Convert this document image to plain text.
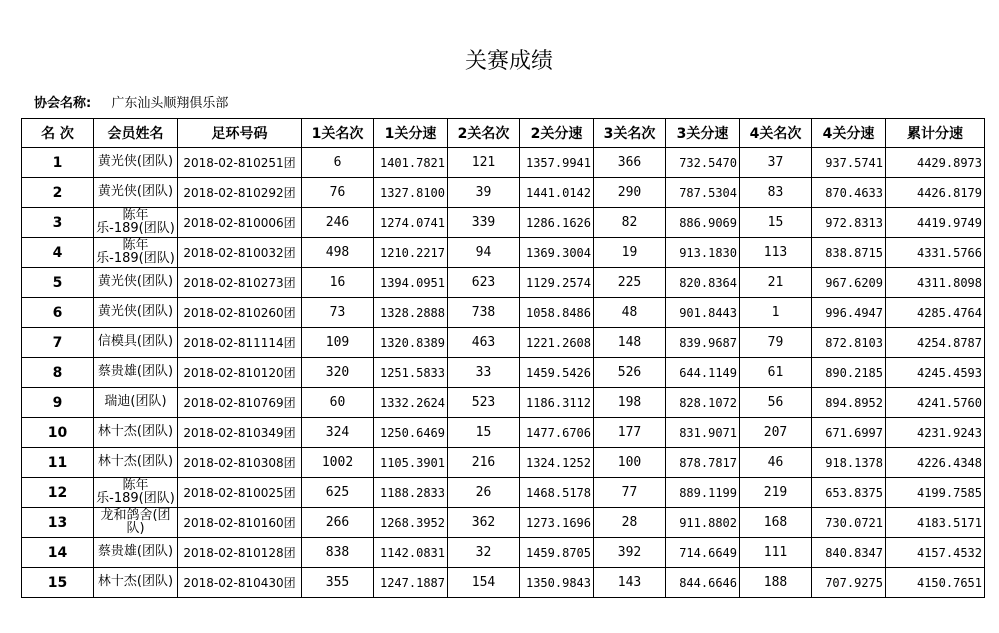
关赛成绩
协会名称: 广东汕头顺翔俱乐部
名 次	会员姓名	足环号码	1关名次	1关分速	2关名次	2关分速	3关名次	3关分速	4关名次	4关分速	累计分速
1	黄光侠(团队)	2018-02-810251团	6	1401.7821	121	1357.9941	366	732.5470	37	937.5741	4429.8973
2	黄光侠(团队)	2018-02-810292团	76	1327.8100	39	1441.0142	290	787.5304	83	870.4633	4426.8179
3	陈年乐-189(团队)	2018-02-810006团	246	1274.0741	339	1286.1626	82	886.9069	15	972.8313	4419.9749
4	陈年乐-189(团队)	2018-02-810032团	498	1210.2217	94	1369.3004	19	913.1830	113	838.8715	4331.5766
5	黄光侠(团队)	2018-02-810273团	16	1394.0951	623	1129.2574	225	820.8364	21	967.6209	4311.8098
6	黄光侠(团队)	2018-02-810260团	73	1328.2888	738	1058.8486	48	901.8443	1	996.4947	4285.4764
7	信模具(团队)	2018-02-811114团	109	1320.8389	463	1221.2608	148	839.9687	79	872.8103	4254.8787
8	蔡贵雄(团队)	2018-02-810120团	320	1251.5833	33	1459.5426	526	644.1149	61	890.2185	4245.4593
9	瑞迪(团队)	2018-02-810769团	60	1332.2624	523	1186.3112	198	828.1072	56	894.8952	4241.5760
10	林十杰(团队)	2018-02-810349团	324	1250.6469	15	1477.6706	177	831.9071	207	671.6997	4231.9243
11	林十杰(团队)	2018-02-810308团	1002	1105.3901	216	1324.1252	100	878.7817	46	918.1378	4226.4348
12	陈年乐-189(团队)	2018-02-810025团	625	1188.2833	26	1468.5178	77	889.1199	219	653.8375	4199.7585
13	龙和鸽舍(团队)	2018-02-810160团	266	1268.3952	362	1273.1696	28	911.8802	168	730.0721	4183.5171
14	蔡贵雄(团队)	2018-02-810128团	838	1142.0831	32	1459.8705	392	714.6649	111	840.8347	4157.4532
15	林十杰(团队)	2018-02-810430团	355	1247.1887	154	1350.9843	143	844.6646	188	707.9275	4150.7651
